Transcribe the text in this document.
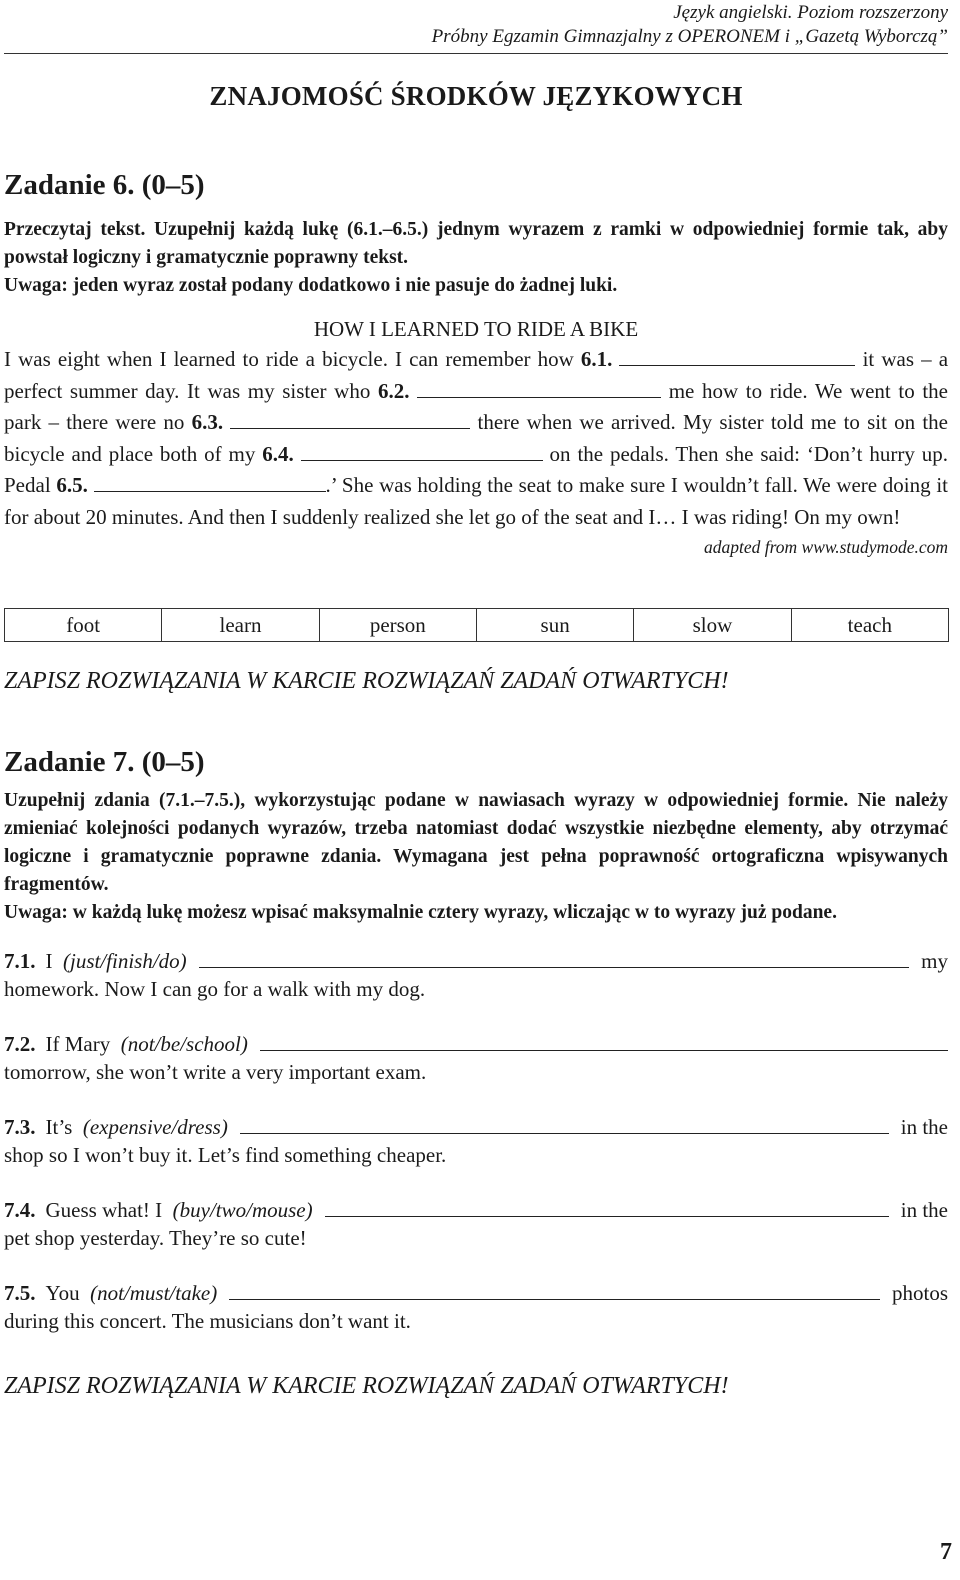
Język angielski. Poziom rozszerzony
Próbny Egzamin Gimnazjalny z OPERONEM i „Gazetą Wyborczą”
ZNAJOMOŚĆ ŚRODKÓW JĘZYKOWYCH
Zadanie 6. (0–5)
Przeczytaj tekst. Uzupełnij każdą lukę (6.1.–6.5.) jednym wyrazem z ramki w odpowiedniej formie tak, aby powstał logiczny i gramatycznie poprawny tekst.
Uwaga: jeden wyraz został podany dodatkowo i nie pasuje do żadnej luki.
HOW I LEARNED TO RIDE A BIKE
I was eight when I learned to ride a bicycle. I can remember how 6.1.	it was – a perfect summer day. It was my sister who 6.2.	me how to ride. We went to the park – there were no 6.3.	there when we arrived. My sister told me to sit on the bicycle and place both of my 6.4.	on the pedals. Then she said: ‘Don’t hurry up. Pedal 6.5.	.’ She was holding the seat to make sure I wouldn’t fall. We were doing it for about 20 minutes. And then I suddenly realized she let go of the seat and I… I was riding! On my own!
adapted from www.studymode.com
foot	learn	person	sun	slow	teach
ZAPISZ ROZWIĄZANIA W KARCIE ROZWIĄZAŃ ZADAŃ OTWARTYCH!
Zadanie 7. (0–5)
Uzupełnij zdania (7.1.–7.5.), wykorzystując podane w nawiasach wyrazy w odpowiedniej formie. Nie należy zmieniać kolejności podanych wyrazów, trzeba natomiast dodać wszystkie niezbędne elementy, aby otrzymać logiczne i gramatycznie poprawne zdania. Wymagana jest pełna poprawność ortograficzna wpisywanych fragmentów.
Uwaga: w każdą lukę możesz wpisać maksymalnie cztery wyrazy, wliczając w to wyrazy już podane.
7.1. I (just/finish/do)	my
homework. Now I can go for a walk with my dog.
7.2. If Mary (not/be/school)
tomorrow, she won’t write a very important exam.
7.3. It’s (expensive/dress)	in the
shop so I won’t buy it. Let’s find something cheaper.
7.4. Guess what! I (buy/two/mouse)	in the
pet shop yesterday. They’re so cute!
7.5. You (not/must/take)	photos
during this concert. The musicians don’t want it.
ZAPISZ ROZWIĄZANIA W KARCIE ROZWIĄZAŃ ZADAŃ OTWARTYCH!
7
